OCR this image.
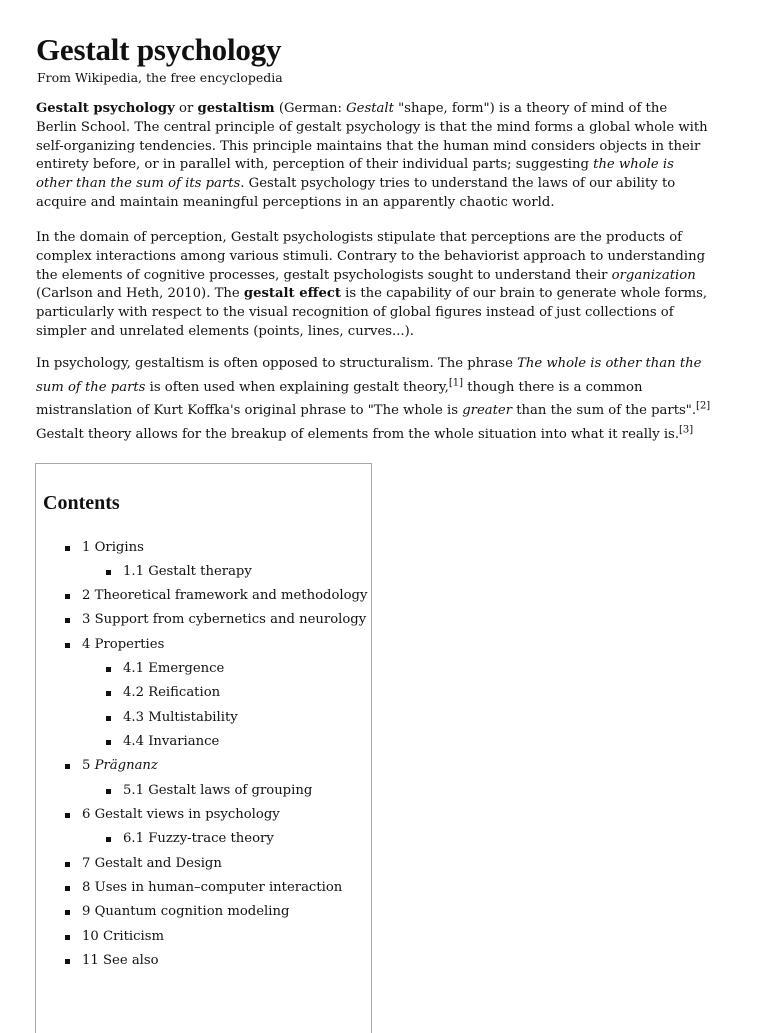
Gestalt psychology
From Wikipedia, the free encyclopedia

Gestalt psychology or gestaltism (German: Gestalt "shape, form") is a theory of mind of the Berlin School. The central principle of gestalt psychology is that the mind forms a global whole with self-organizing tendencies. This principle maintains that the human mind considers objects in their entirety before, or in parallel with, perception of their individual parts; suggesting the whole is other than the sum of its parts. Gestalt psychology tries to understand the laws of our ability to acquire and maintain meaningful perceptions in an apparently chaotic world.

In the domain of perception, Gestalt psychologists stipulate that perceptions are the products of complex interactions among various stimuli. Contrary to the behaviorist approach to understanding the elements of cognitive processes, gestalt psychologists sought to understand their organization (Carlson and Heth, 2010). The gestalt effect is the capability of our brain to generate whole forms, particularly with respect to the visual recognition of global figures instead of just collections of simpler and unrelated elements (points, lines, curves...).

In psychology, gestaltism is often opposed to structuralism. The phrase The whole is other than the sum of the parts is often used when explaining gestalt theory,[1] though there is a common mistranslation of Kurt Koffka's original phrase to "The whole is greater than the sum of the parts".[2] Gestalt theory allows for the breakup of elements from the whole situation into what it really is.[3]

Contents
1 Origins
1.1 Gestalt therapy
2 Theoretical framework and methodology
3 Support from cybernetics and neurology
4 Properties
4.1 Emergence
4.2 Reification
4.3 Multistability
4.4 Invariance
5 Prägnanz
5.1 Gestalt laws of grouping
6 Gestalt views in psychology
6.1 Fuzzy-trace theory
7 Gestalt and Design
8 Uses in human–computer interaction
9 Quantum cognition modeling
10 Criticism
11 See also
